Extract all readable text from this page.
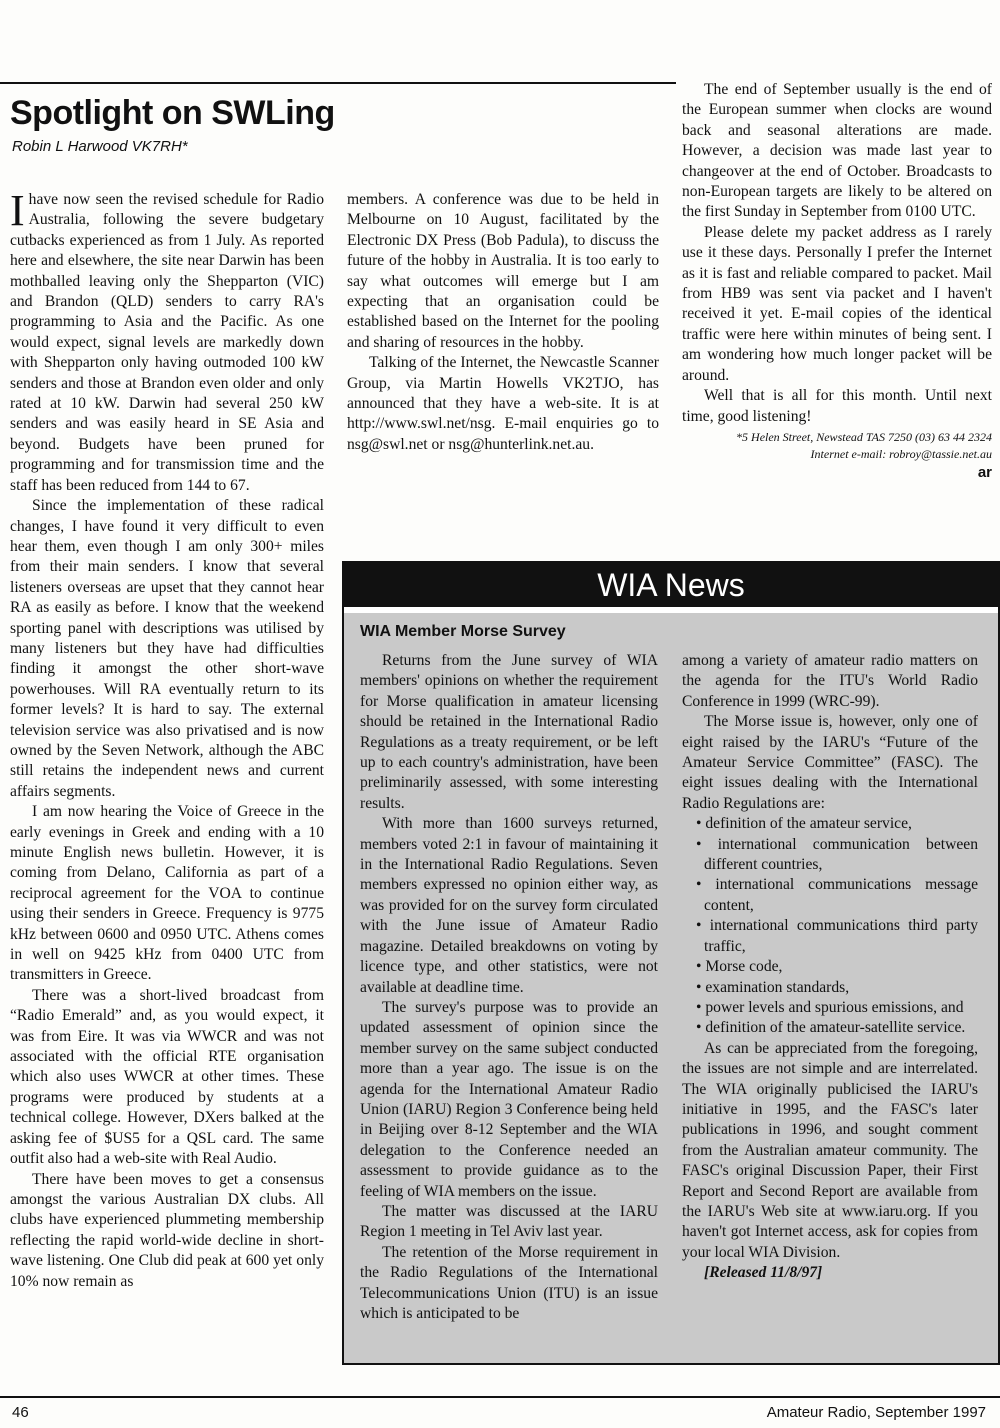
Spotlight on SWLing
Robin L Harwood VK7RH*

Ihave now seen the revised schedule for Radio Australia, following the severe budgetary cutbacks experienced as from 1 July. As reported here and elsewhere, the site near Darwin has been mothballed leaving only the Shepparton (VIC) and Brandon (QLD) senders to carry RA's programming to Asia and the Pacific. As one would expect, signal levels are markedly down with Shepparton only having outmoded 100 kW senders and those at Brandon even older and only rated at 10 kW. Darwin had several 250 kW senders and was easily heard in SE Asia and beyond. Budgets have been pruned for programming and for transmission time and the staff has been reduced from 144 to 67.

Since the implementation of these radical changes, I have found it very difficult to even hear them, even though I am only 300+ miles from their main senders. I know that several listeners overseas are upset that they cannot hear RA as easily as before. I know that the weekend sporting panel with descriptions was utilised by many listeners but they have had difficulties finding it amongst the other short-wave powerhouses. Will RA eventually return to its former levels? It is hard to say. The external television service was also privatised and is now owned by the Seven Network, although the ABC still retains the independent news and current affairs segments.

I am now hearing the Voice of Greece in the early evenings in Greek and ending with a 10 minute English news bulletin. However, it is coming from Delano, California as part of a reciprocal agreement for the VOA to continue using their senders in Greece. Frequency is 9775 kHz between 0600 and 0950 UTC. Athens comes in well on 9425 kHz from 0400 UTC from transmitters in Greece.

There was a short-lived broadcast from “Radio Emerald” and, as you would expect, it was from Eire. It was via WWCR and was not associated with the official RTE organisation which also uses WWCR at other times. These programs were produced by students at a technical college. However, DXers balked at the asking fee of $US5 for a QSL card. The same outfit also had a web-site with Real Audio.

There have been moves to get a consensus amongst the various Australian DX clubs. All clubs have experienced plummeting membership reflecting the rapid world-wide decline in short-wave listening. One Club did peak at 600 yet only 10% now remain as

members. A conference was due to be held in Melbourne on 10 August, facilitated by the Electronic DX Press (Bob Padula), to discuss the future of the hobby in Australia. It is too early to say what outcomes will emerge but I am expecting that an organisation could be established based on the Internet for the pooling and sharing of resources in the hobby.

Talking of the Internet, the Newcastle Scanner Group, via Martin Howells VK2TJO, has announced that they have a web-site. It is at http://www.swl.net/nsg. E-mail enquiries go to nsg@swl.net or nsg@hunterlink.net.au.

The end of September usually is the end of the European summer when clocks are wound back and seasonal alterations are made. However, a decision was made last year to changeover at the end of October. Broadcasts to non-European targets are likely to be altered on the first Sunday in September from 0100 UTC.

Please delete my packet address as I rarely use it these days. Personally I prefer the Internet as it is fast and reliable compared to packet. Mail from HB9 was sent via packet and I haven't received it yet. E-mail copies of the identical traffic were here within minutes of being sent. I am wondering how much longer packet will be around.

Well that is all for this month. Until next time, good listening!

*5 Helen Street, Newstead TAS 7250 (03) 63 44 2324
Internet e-mail: robroy@tassie.net.au
ar
WIA News
WIA Member Morse Survey

Returns from the June survey of WIA members' opinions on whether the requirement for Morse qualification in amateur licensing should be retained in the International Radio Regulations as a treaty requirement, or be left up to each country's administration, have been preliminarily assessed, with some interesting results.

With more than 1600 surveys returned, members voted 2:1 in favour of maintaining it in the International Radio Regulations. Seven members expressed no opinion either way, as was provided for on the survey form circulated with the June issue of Amateur Radio magazine. Detailed breakdowns on voting by licence type, and other statistics, were not available at deadline time.

The survey's purpose was to provide an updated assessment of opinion since the member survey on the same subject conducted more than a year ago. The issue is on the agenda for the International Amateur Radio Union (IARU) Region 3 Conference being held in Beijing over 8-12 September and the WIA delegation to the Conference needed an assessment to provide guidance as to the feeling of WIA members on the issue.

The matter was discussed at the IARU Region 1 meeting in Tel Aviv last year.

The retention of the Morse requirement in the Radio Regulations of the International Telecommunications Union (ITU) is an issue which is anticipated to be

among a variety of amateur radio matters on the agenda for the ITU's World Radio Conference in 1999 (WRC-99).

The Morse issue is, however, only one of eight raised by the IARU's “Future of the Amateur Service Committee” (FASC). The eight issues dealing with the International Radio Regulations are:

• definition of the amateur service,
• international communication between different countries,
• international communications message content,
• international communications third party traffic,
• Morse code,
• examination standards,
• power levels and spurious emissions, and
• definition of the amateur-satellite service.

As can be appreciated from the foregoing, the issues are not simple and are interrelated. The WIA originally publicised the IARU's initiative in 1995, and the FASC's later publications in 1996, and sought comment from the Australian amateur community. The FASC's original Discussion Paper, their First Report and Second Report are available from the IARU's Web site at www.iaru.org. If you haven't got Internet access, ask for copies from your local WIA Division.

[Released 11/8/97]

46	Amateur Radio, September 1997
